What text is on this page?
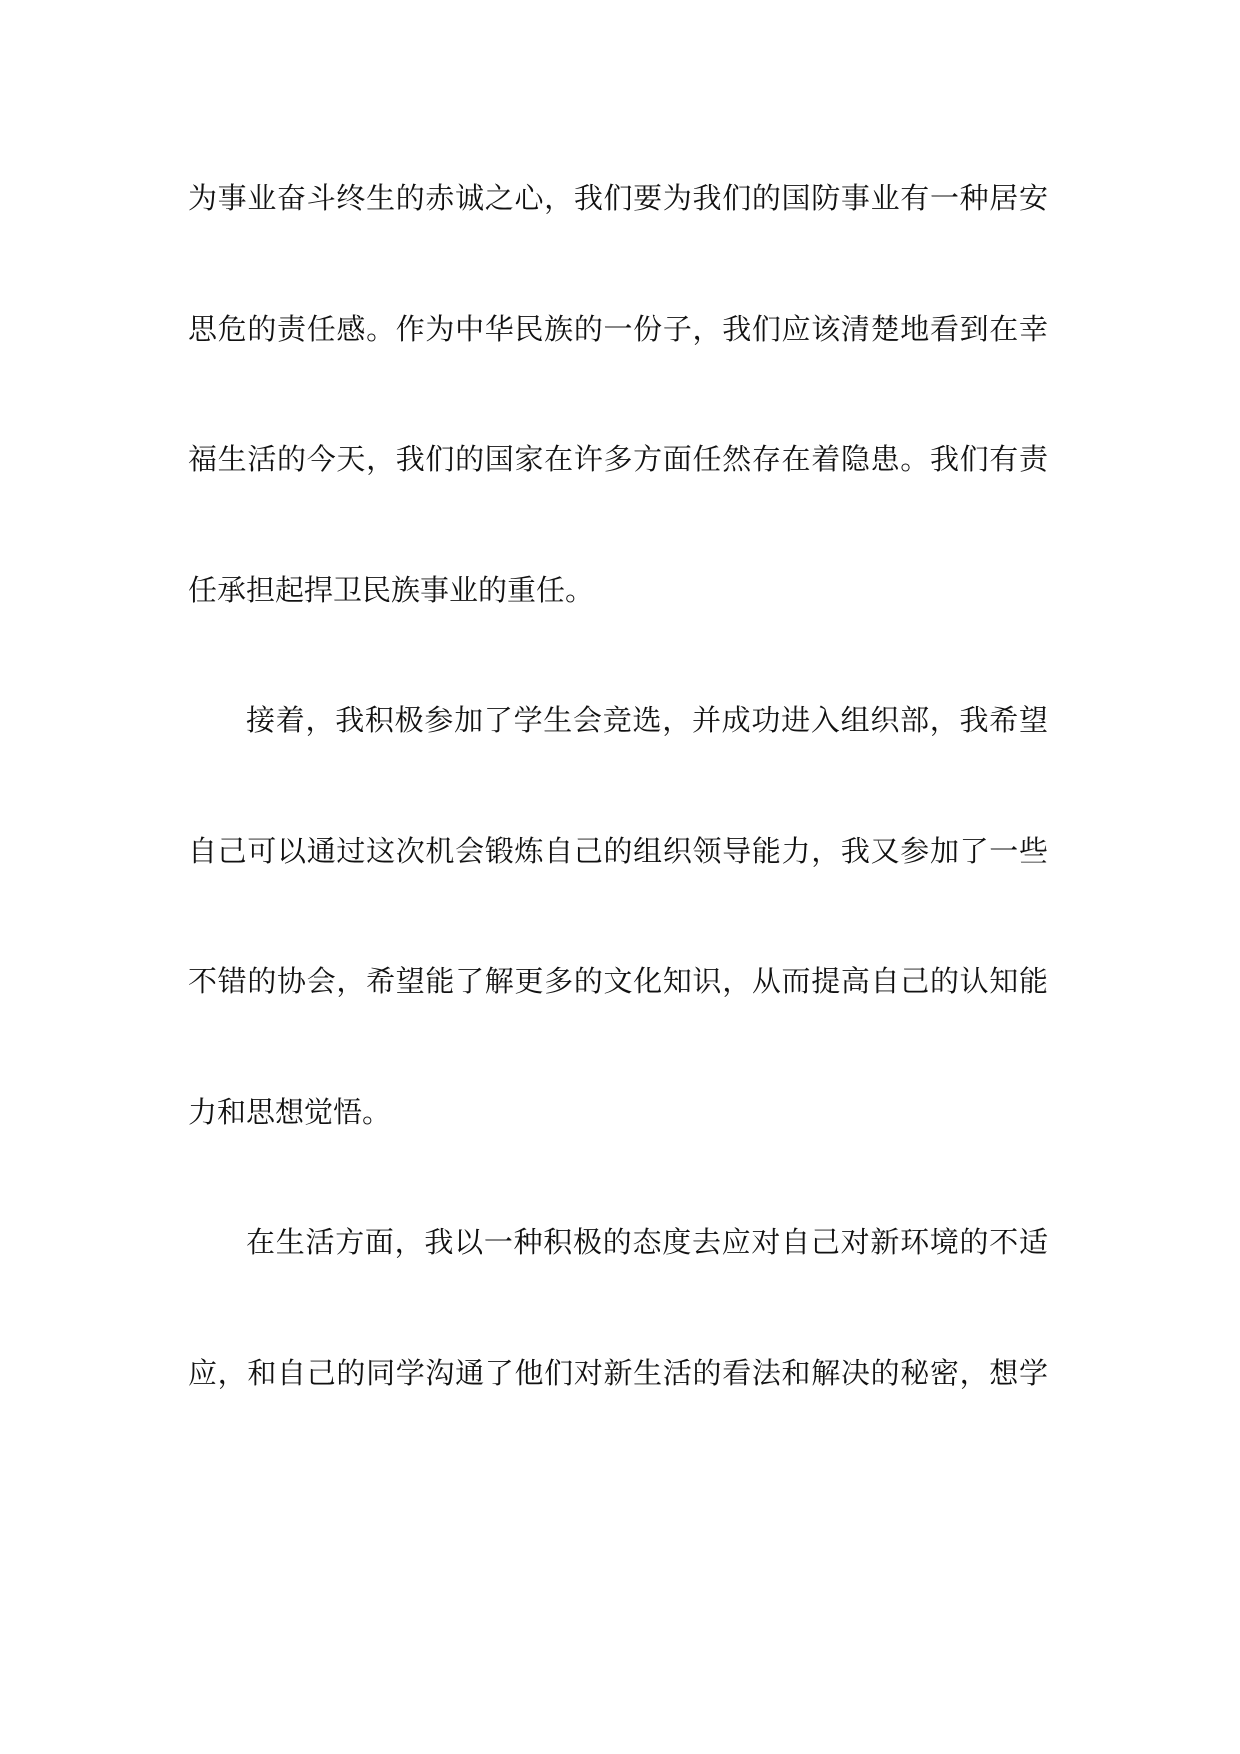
为事业奋斗终生的赤诚之心，我们要为我们的国防事业有一种居安
思危的责任感。作为中华民族的一份子，我们应该清楚地看到在幸
福生活的今天，我们的国家在许多方面任然存在着隐患。我们有责
任承担起捍卫民族事业的重任。
接着，我积极参加了学生会竞选，并成功进入组织部，我希望
自己可以通过这次机会锻炼自己的组织领导能力，我又参加了一些
不错的协会，希望能了解更多的文化知识，从而提高自己的认知能
力和思想觉悟。
在生活方面，我以一种积极的态度去应对自己对新环境的不适
应，和自己的同学沟通了他们对新生活的看法和解决的秘密，想学
